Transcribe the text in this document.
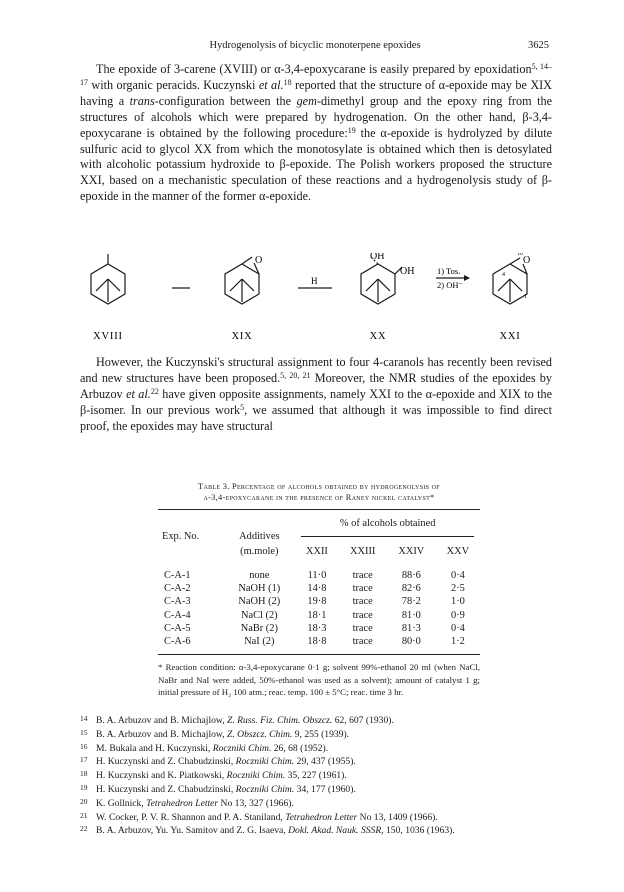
Hydrogenolysis of bicyclic monoterpene epoxides	3625

The epoxide of 3-carene (XVIII) or α-3,4-epoxycarane is easily prepared by epoxidation$^{5, 14-17}$ with organic peracids. Kuczynski et al.$^{18}$ reported that the structure of α-epoxide may be XIX having a trans-configuration between the gem-dimethyl group and the epoxy ring from the structures of alcohols which were prepared by hydrogenation. On the other hand, β-3,4-epoxycarane is obtained by the following procedure:$^{19}$ the α-epoxide is hydrolyzed by dilute sulfuric acid to glycol XX from which the monotosylate is obtained which then is detosylated with alcoholic potassium hydroxide to β-epoxide. The Polish workers proposed the structure XXI, based on a mechanistic speculation of these reactions and a hydrogenolysis study of β-epoxide in the manner of the former α-epoxide.

O
H
OH
OH	1) Tos.
2) OH⁻
10
O
4
1
XVIII	XIX	XX	XXI

However, the Kuczynski's structural assignment to four 4-caranols has recently been revised and new structures have been proposed.$^{5, 20, 21}$ Moreover, the NMR studies of the epoxides by Arbuzov et al.$^{22}$ have given opposite assignments, namely XXI to the α-epoxide and XIX to the β-isomer. In our previous work$^5$, we assumed that although it was impossible to find direct proof, the epoxides may have structural

Table 3. Percentage of alcohols obtained by hydrogenolysis of
α-3,4-epoxycarane in the presence of Raney nickel catalyst*
		% of alcohols obtained			
Exp. No.	Additives				

	(m.mole)	XXII	XXIII	XXIV	XXV

C-A-1	none	11·0	trace	88·6	0·4
C-A-2	NaOH (1)	14·8	trace	82·6	2·5
C-A-3	NaOH (2)	19·8	trace	78·2	1·0
C-A-4	NaCl (2)	18·1	trace	81·0	0·9
C-A-5	NaBr (2)	18·3	trace	81·3	0·4
C-A-6	NaI (2)	18·8	trace	80·0	1·2
* Reaction condition: α-3,4-epoxycarane 0·1 g; solvent 99%-ethanol 20 ml (when NaCl, NaBr and NaI were added, 50%-ethanol was used as a solvent); amount of catalyst 1 g; initial pressure of H₂ 100 atm.; reac. temp. 100 ± 5°C; reac. time 3 hr.
14 B. A. Arbuzov and B. Michajlow, Z. Russ. Fiz. Chim. Obszcz. 62, 607 (1930).
15 B. A. Arbuzov and B. Michajlow, Z. Obszcz. Chim. 9, 255 (1939).
16 M. Bukala and H. Kuczynski, Roczniki Chim. 26, 68 (1952).
17 H. Kuczynski and Z. Chabudzinski, Roczniki Chim. 29, 437 (1955).
18 H. Kuczynski and K. Piatkowski, Roczniki Chim. 35, 227 (1961).
19 H. Kuczynski and Z. Chabudzinski, Roczniki Chim. 34, 177 (1960).
20 K. Gollnick, Tetrahedron Letter No 13, 327 (1966).
21 W. Cocker, P. V. R. Shannon and P. A. Staniland, Tetrahedron Letter No 13, 1409 (1966).
22 B. A. Arbuzov, Yu. Yu. Samitov and Z. G. Isaeva, Dokl. Akad. Nauk. SSSR, 150, 1036 (1963).
